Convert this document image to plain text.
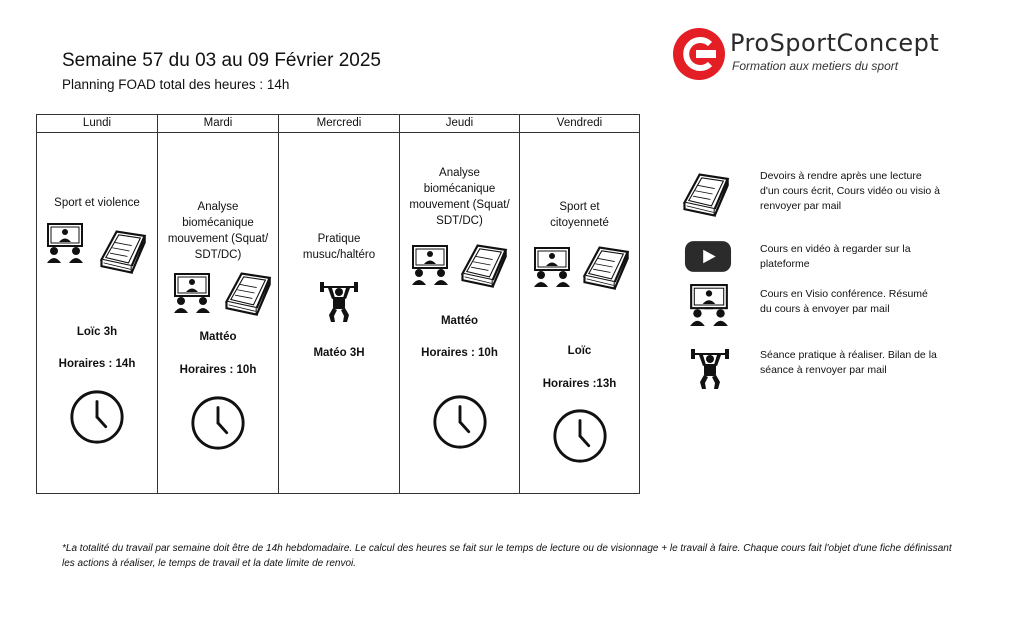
Semaine 57 du 03 au 09 Février 2025
Planning FOAD total des heures : 14h
ProSportConcept
Formation aux metiers du sport
Lundi
Sport et violence
Loïc 3h
Horaires : 14h
Mardi
Analyse biomécanique mouvement (Squat/ SDT/DC)
Mattéo
Horaires : 10h
Mercredi
Pratique musuc/haltéro
Matéo 3H
Jeudi
Analyse biomécanique mouvement (Squat/ SDT/DC)
Mattéo
Horaires : 10h
Vendredi
Sport et citoyenneté
Loïc
Horaires :13h
Devoirs à rendre après une lecture d'un cours écrit, Cours vidéo ou visio à renvoyer par mail
Cours en vidéo à regarder sur la plateforme
Cours en Visio conférence. Résumé du cours à envoyer par mail
Séance pratique à réaliser. Bilan de la séance à renvoyer par mail
*La totalité du travail par semaine doit être de 14h hebdomadaire. Le calcul des heures se fait sur le temps de lecture ou de visionnage + le travail à faire. Chaque cours fait l'objet d'une fiche définissant les actions à réaliser, le temps de travail et la date limite de renvoi.
